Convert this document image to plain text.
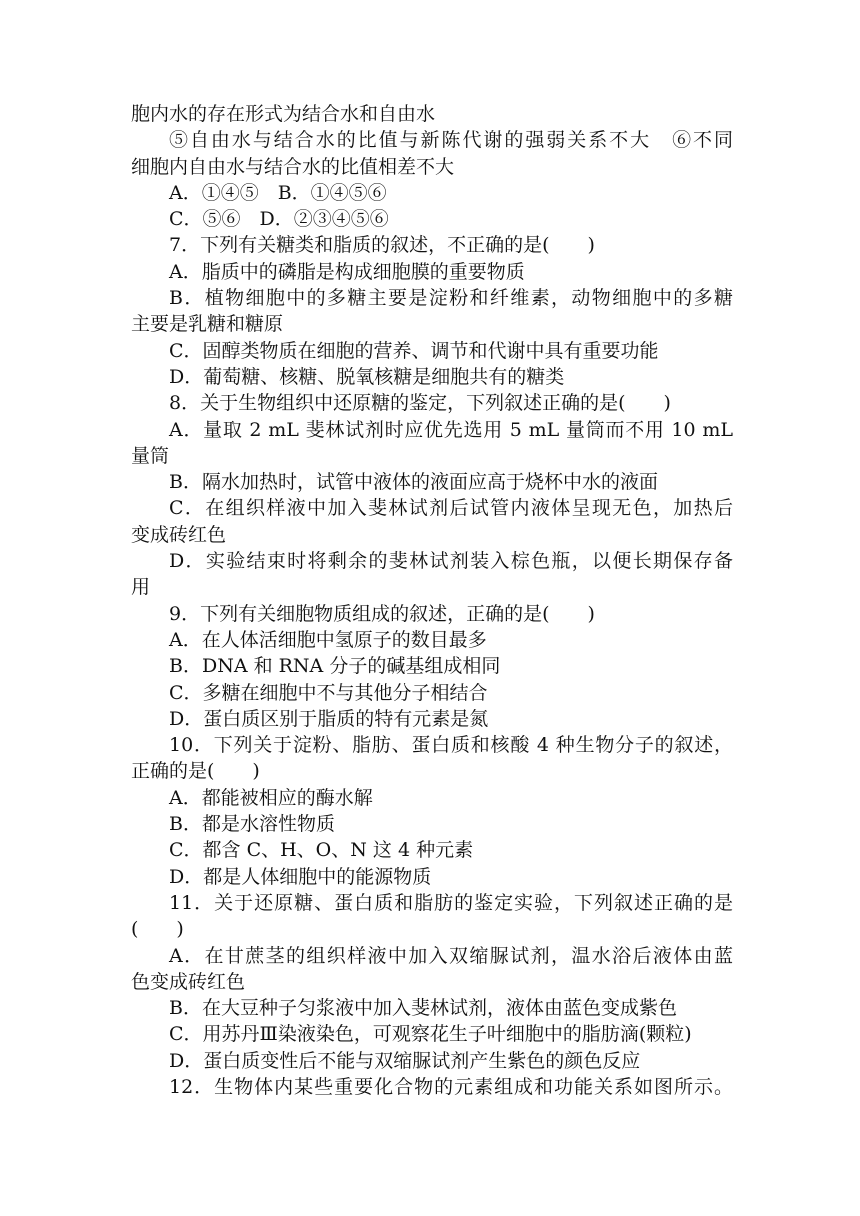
胞内水的存在形式为结合水和自由水
⑤自由水与结合水的比值与新陈代谢的强弱关系不大　⑥不同
细胞内自由水与结合水的比值相差不大
A．①④⑤　B．①④⑤⑥
C．⑤⑥　D．②③④⑤⑥
7．下列有关糖类和脂质的叙述，不正确的是(　　)
A．脂质中的磷脂是构成细胞膜的重要物质
B．植物细胞中的多糖主要是淀粉和纤维素，动物细胞中的多糖
主要是乳糖和糖原
C．固醇类物质在细胞的营养、调节和代谢中具有重要功能
D．葡萄糖、核糖、脱氧核糖是细胞共有的糖类
8．关于生物组织中还原糖的鉴定，下列叙述正确的是(　　)
A．量取 2 mL 斐林试剂时应优先选用 5 mL 量筒而不用 10 mL
量筒
B．隔水加热时，试管中液体的液面应高于烧杯中水的液面
C．在组织样液中加入斐林试剂后试管内液体呈现无色，加热后
变成砖红色
D．实验结束时将剩余的斐林试剂装入棕色瓶，以便长期保存备
用
9．下列有关细胞物质组成的叙述，正确的是(　　)
A．在人体活细胞中氢原子的数目最多
B．DNA 和 RNA 分子的碱基组成相同
C．多糖在细胞中不与其他分子相结合
D．蛋白质区别于脂质的特有元素是氮
10．下列关于淀粉、脂肪、蛋白质和核酸 4 种生物分子的叙述，
正确的是(　　)
A．都能被相应的酶水解
B．都是水溶性物质
C．都含 C、H、O、N 这 4 种元素
D．都是人体细胞中的能源物质
11．关于还原糖、蛋白质和脂肪的鉴定实验，下列叙述正确的是
(　　)
A．在甘蔗茎的组织样液中加入双缩脲试剂，温水浴后液体由蓝
色变成砖红色
B．在大豆种子匀浆液中加入斐林试剂，液体由蓝色变成紫色
C．用苏丹Ⅲ染液染色，可观察花生子叶细胞中的脂肪滴(颗粒)
D．蛋白质变性后不能与双缩脲试剂产生紫色的颜色反应
12．生物体内某些重要化合物的元素组成和功能关系如图所示。
